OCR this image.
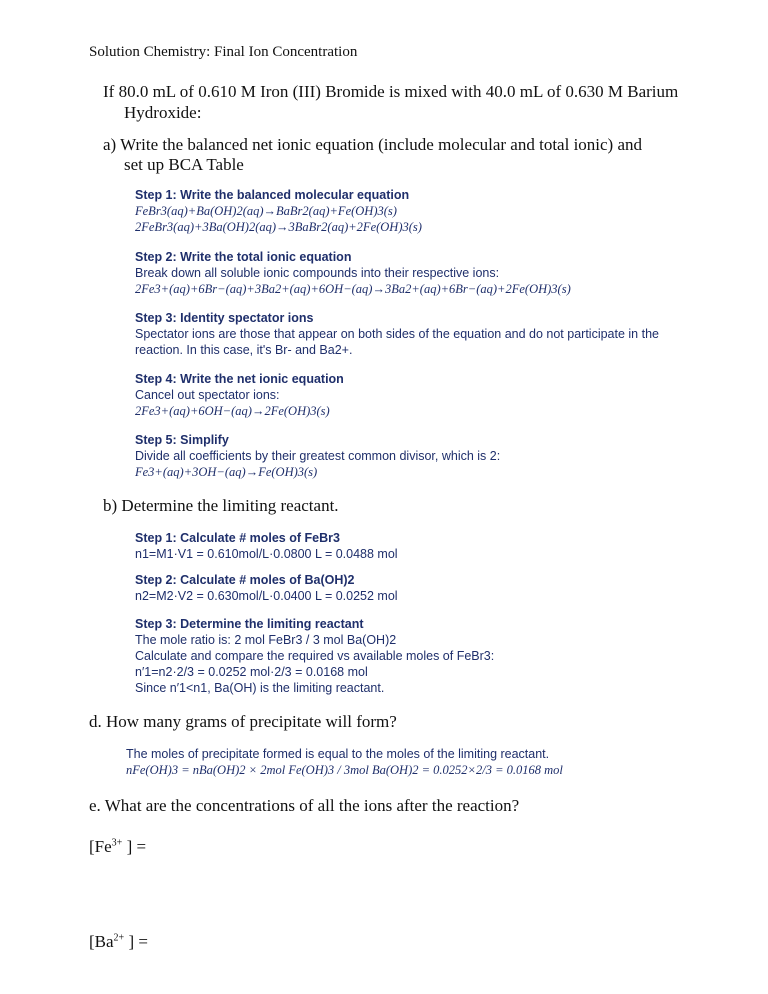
Solution Chemistry: Final Ion Concentration
If 80.0 mL of 0.610 M Iron (III) Bromide is mixed with 40.0 mL of 0.630 M Barium
Hydroxide:
a) Write the balanced net ionic equation (include molecular and total ionic) and
set up BCA Table
Step 1: Write the balanced molecular equation
FeBr3(aq)+Ba(OH)2(aq)→BaBr2(aq)+Fe(OH)3(s)
2FeBr3(aq)+3Ba(OH)2(aq)→3BaBr2(aq)+2Fe(OH)3(s)
Step 2: Write the total ionic equation
Break down all soluble ionic compounds into their respective ions:
2Fe3+(aq)+6Br−(aq)+3Ba2+(aq)+6OH−(aq)→3Ba2+(aq)+6Br−(aq)+2Fe(OH)3(s)
Step 3: Identity spectator ions
Spectator ions are those that appear on both sides of the equation and do not participate in the
reaction. In this case, it's Br- and Ba2+.
Step 4: Write the net ionic equation
Cancel out spectator ions:
2Fe3+(aq)+6OH−(aq)→2Fe(OH)3(s)
Step 5: Simplify
Divide all coefficients by their greatest common divisor, which is 2:
Fe3+(aq)+3OH−(aq)→Fe(OH)3(s)
b) Determine the limiting reactant.
Step 1: Calculate # moles of FeBr3
n1=M1·V1 = 0.610mol/L·0.0800 L = 0.0488 mol
Step 2: Calculate # moles of Ba(OH)2
n2=M2·V2 = 0.630mol/L·0.0400 L = 0.0252 mol
Step 3: Determine the limiting reactant
The mole ratio is: 2 mol FeBr3 / 3 mol Ba(OH)2
Calculate and compare the required vs available moles of FeBr3:
n′1=n2·2/3 = 0.0252 mol·2/3 = 0.0168 mol
Since n′1<n1, Ba(OH) is the limiting reactant.
d. How many grams of precipitate will form?
The moles of precipitate formed is equal to the moles of the limiting reactant.
nFe(OH)3 = nBa(OH)2 × 2mol Fe(OH)3 / 3mol Ba(OH)2 = 0.0252×2/3 = 0.0168 mol
e. What are the concentrations of all the ions after the reaction?
[$Fe^{3+}$ ] =
[$Ba^{2+}$ ] =
